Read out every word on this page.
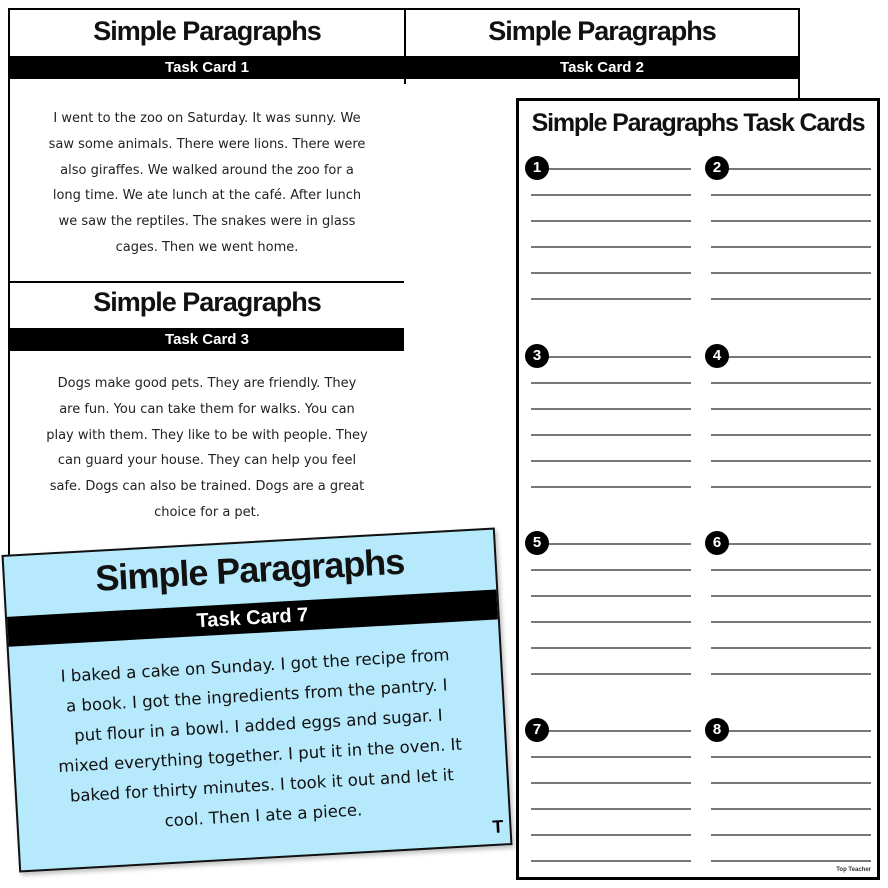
Simple Paragraphs
Task Card 1
I went to the zoo on Saturday. It was sunny. We
saw some animals. There were lions. There were
also giraffes. We walked around the zoo for a
long time. We ate lunch at the café. After lunch
we saw the reptiles. The snakes were in glass
cages. Then we went home.
Simple Paragraphs
Task Card 2
Simple Paragraphs
Task Card 3
Dogs make good pets. They are friendly. They
are fun. You can take them for walks. You can
play with them. They like to be with people. They
can guard your house. They can help you feel
safe. Dogs can also be trained. Dogs are a great
choice for a pet.
Simple Paragraphs Task Cards
Top Teacher
1	2
3	4
5	6
7	8
Simple Paragraphs
Task Card 7
I baked a cake on Sunday. I got the recipe from
a book. I got the ingredients from the pantry. I
put flour in a bowl. I added eggs and sugar. I
mixed everything together. I put it in the oven. It
baked for thirty minutes. I took it out and let it
cool. Then I ate a piece.	T
